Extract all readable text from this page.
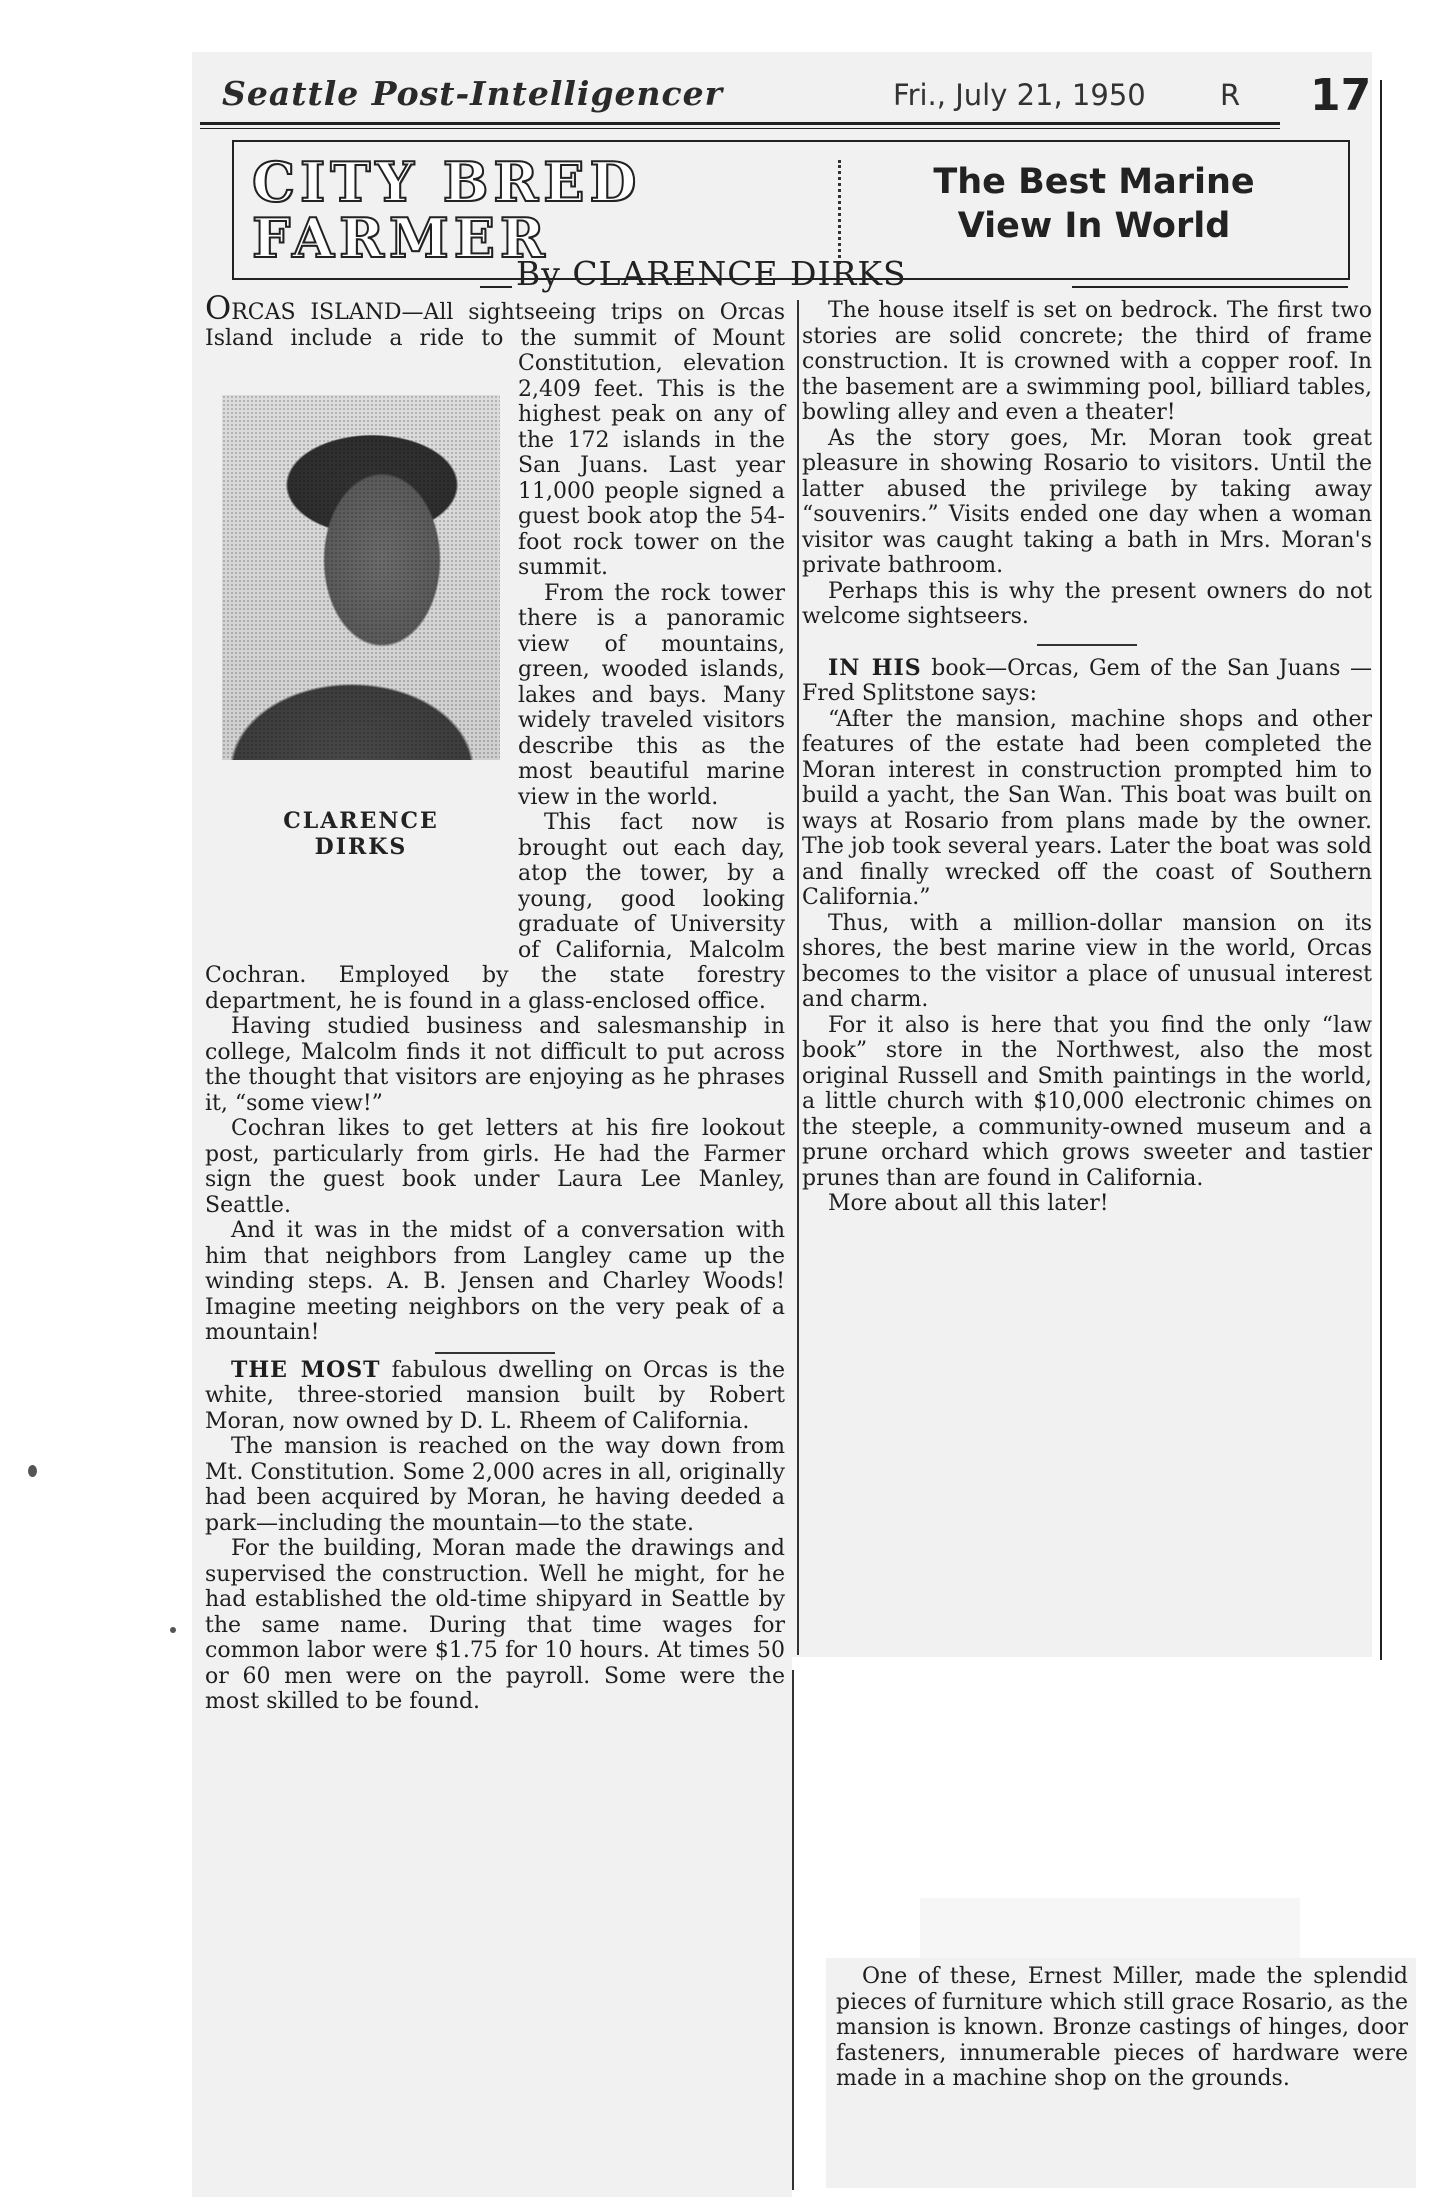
Seattle Post-Intelligencer	Fri., July 21, 1950	R 17
CITY BRED
FARMER
The Best Marine
View In World
By CLARENCE DIRKS

ORCAS ISLAND—All sightseeing trips on Orcas Island include a ride to the summit of Mount Constitution, elevation 2,409 feet. This is the highest peak on any of the 172 islands in the San Juans. Last year 11,000 people signed a guest book atop the 54-foot rock tower on the summit.

From the rock tower there is a panoramic view of mountains, green, wooded islands, lakes and bays. Many widely traveled visitors describe this as the most beautiful marine view in the world.

This fact now is brought out each day, atop the tower, by a young, good looking graduate of University of California, Malcolm Cochran. Employed by the state forestry department, he is found in a glass-enclosed office.

Having studied business and salesmanship in college, Malcolm finds it not difficult to put across the thought that visitors are enjoying as he phrases it, “some view!”

Cochran likes to get letters at his fire lookout post, particularly from girls. He had the Farmer sign the guest book under Laura Lee Manley, Seattle.

And it was in the midst of a conversation with him that neighbors from Langley came up the winding steps. A. B. Jensen and Charley Woods! Imagine meeting neighbors on the very peak of a mountain!

THE MOST fabulous dwelling on Orcas is the white, three-storied mansion built by Robert Moran, now owned by D. L. Rheem of California.

The mansion is reached on the way down from Mt. Constitution. Some 2,000 acres in all, originally had been acquired by Moran, he having deeded a park—including the mountain—to the state.

For the building, Moran made the drawings and supervised the construction. Well he might, for he had established the old-time shipyard in Seattle by the same name. During that time wages for common labor were $1.75 for 10 hours. At times 50 or 60 men were on the payroll. Some were the most skilled to be found.

CLARENCE
DIRKS

The house itself is set on bedrock. The first two stories are solid concrete; the third of frame construction. It is crowned with a copper roof. In the basement are a swimming pool, billiard tables, bowling alley and even a theater!

As the story goes, Mr. Moran took great pleasure in showing Rosario to visitors. Until the latter abused the privilege by taking away “souvenirs.” Visits ended one day when a woman visitor was caught taking a bath in Mrs. Moran's private bathroom.

Perhaps this is why the present owners do not welcome sightseers.

IN HIS book—Orcas, Gem of the San Juans — Fred Splitstone says:

“After the mansion, machine shops and other features of the estate had been completed the Moran interest in construction prompted him to build a yacht, the San Wan. This boat was built on ways at Rosario from plans made by the owner. The job took several years. Later the boat was sold and finally wrecked off the coast of Southern California.”

Thus, with a million-dollar mansion on its shores, the best marine view in the world, Orcas becomes to the visitor a place of unusual interest and charm.

For it also is here that you find the only “law book” store in the Northwest, also the most original Russell and Smith paintings in the world, a little church with $10,000 electronic chimes on the steeple, a community-owned museum and a prune orchard which grows sweeter and tastier prunes than are found in California.

More about all this later!

One of these, Ernest Miller, made the splendid pieces of furniture which still grace Rosario, as the mansion is known. Bronze castings of hinges, door fasteners, innumerable pieces of hardware were made in a machine shop on the grounds.
